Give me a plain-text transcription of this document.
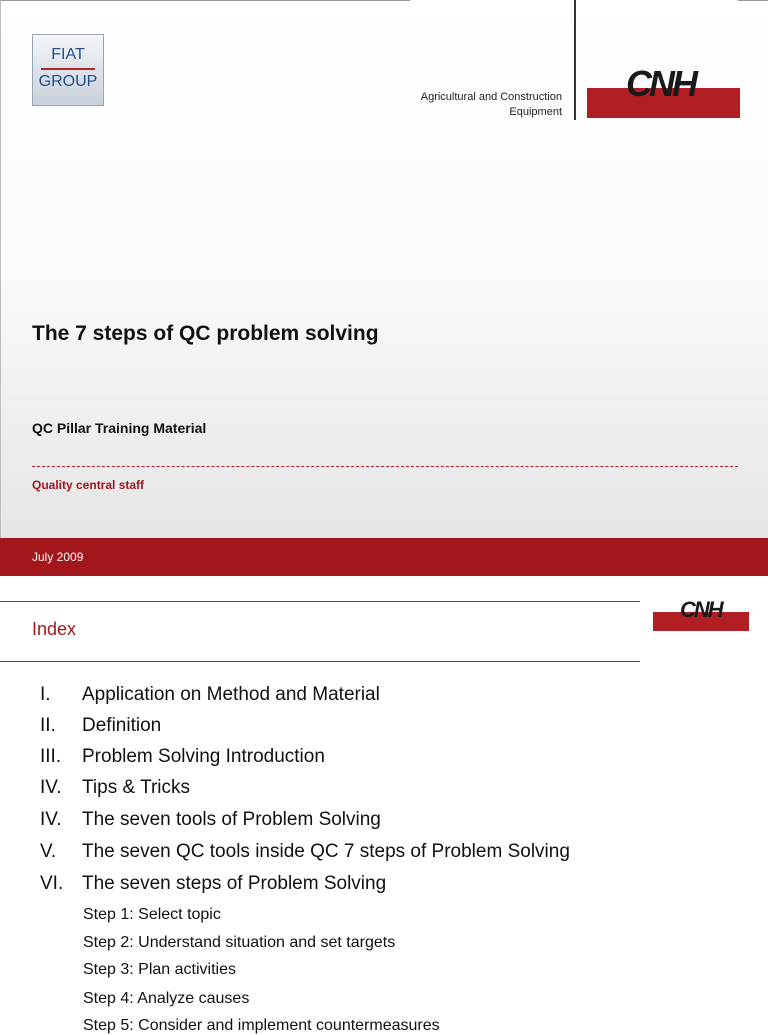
FIAT
GROUP
Agricultural and Construction
Equipment
CNH
The 7 steps of QC problem solving
QC Pillar Training Material
Quality central staff
July 2009
Index
CNH
I. Application on Method and Material
II. Definition
III. Problem Solving Introduction
IV. Tips & Tricks
IV. The seven tools of Problem Solving
V. The seven QC tools inside QC 7 steps of Problem Solving
VI. The seven steps of Problem Solving
Step 1: Select topic
Step 2: Understand situation and set targets
Step 3: Plan activities
Step 4: Analyze causes
Step 5: Consider and implement countermeasures
